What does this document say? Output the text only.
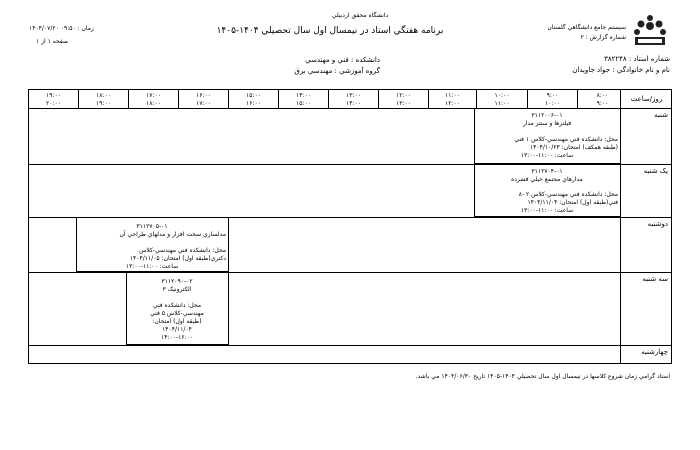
دانشگاه محقق اردبیلي
برنامه هفتگي استاد در نيمسال اول سال تحصيلي ۱۴۰۴-۱۴۰۵	سيستم جامع دانشگاهي گلستان
شماره گزارش : ۲
زمان : ۰۹:۵۰ ۱۴۰۴/۰۷/۲۰
صفحه ۱ از ۱
شماره استاد : ۳۸۲۲۴۸
نام و نام خانوادگي : جواد جاويدان
دانشکده : فني و مهندسي
گروه آموزشي : مهندسي برق
روز/ساعت
۸:۰۰
۹:۰۰
۹:۰۰
۱۰:۰۰
۱۰:۰۰
۱۱:۰۰
۱۱:۰۰
۱۲:۰۰
۱۲:۰۰
۱۳:۰۰
۱۳:۰۰
۱۴:۰۰
۱۴:۰۰
۱۵:۰۰
۱۵:۰۰
۱۶:۰۰
۱۶:۰۰
۱۷:۰۰
۱۷:۰۰
۱۸:۰۰
۱۸:۰۰
۱۹:۰۰
۱۹:۰۰
۲۰:۰۰
شنبه
يک شنبه
دوشنبه
سه شنبه
چهارشنبه
۳۱۱۲۰۰۶-۰۱
فيلترها و سنتز مدار
محل: دانشکده فني مهندسي-کلاس ۱ فني
(طبقه همکف) امتحان: ۱۴۰۴/۱۰/۲۳
ساعت: ۱۱:۰۰-۱۳:۰۰
۳۱۱۲۷۰۴-۰۱
مدارهاي مجتمع خيلي فشرده
محل: دانشکده فني مهندسي-کلاس ۲ -۸
فني(طبقه اول) امتحان: ۱۴۰۴/۱۱/۰۴
ساعت: ۱۱:۰۰-۱۳:۰۰
۳۱۱۲۷۰۵-۰۱
مدلسازي سخت افزار و مدلهاي طراحي آن
محل: دانشکده فني مهندسي-کلاس
دکتري(طبقه اول) امتحان: ۱۴۰۴/۱۱/۰۵
ساعت: ۱۱:۰۰-۱۳:۰۰
۳۱۱۲۰۹۰-۰۲
الکترونيک ۳
محل: دانشکده فني
مهندسي-کلاس ۵ فني
(طبقه اول) امتحان:
۱۴۰۴/۱۱/۰۴
۱۴:۰۰-۱۶:۰۰
استاد گرامي زمان شروع کلاسها در نيمسال اول سال تحصيلي ۱۴۰۴-۱۴۰۵ تاريخ ۱۴۰۴/۰۶/۳۰ مي باشد.
